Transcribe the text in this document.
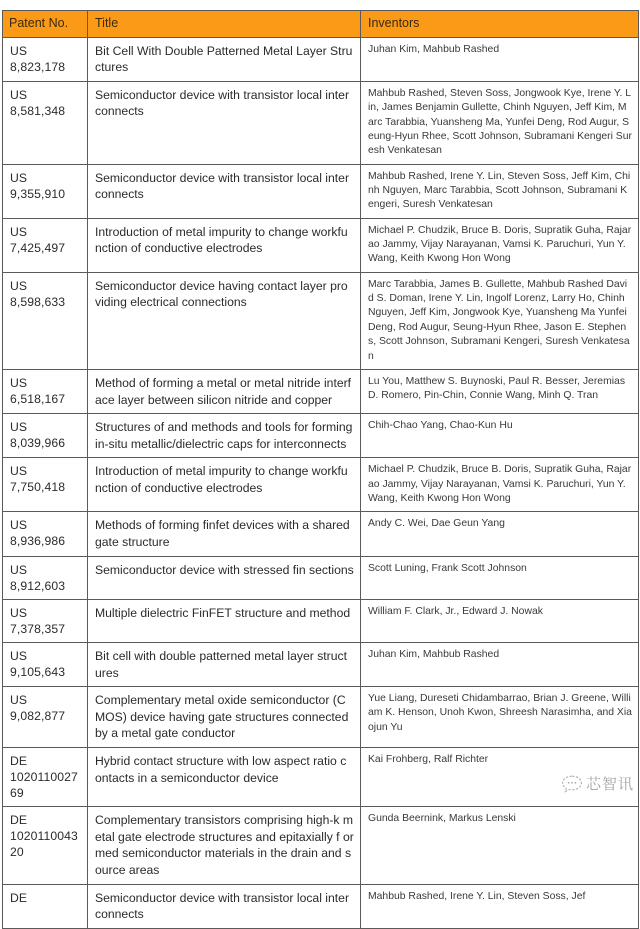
Patent No.	Title	Inventors
US 8,823,178	Bit Cell With Double Patterned Metal Layer Stru ctures	Juhan Kim, Mahbub Rashed
US 8,581,348	Semiconductor device with transistor local inter connects	Mahbub Rashed, Steven Soss, Jongwook Kye, Irene Y. Lin, James Benjamin Gullette, Chinh Nguyen, Jeff Kim, Marc Tarabbia, Yuansheng Ma, Yunfei Deng, Rod Augur, Seung-Hyun Rhee, Scott Johnson, Subramani Kengeri Suresh Venkatesan
US 9,355,910	Semiconductor device with transistor local inter connects	Mahbub Rashed, Irene Y. Lin, Steven Soss, Jeff Kim, Chinh Nguyen, Marc Tarabbia, Scott Johnson, Subramani Kengeri, Suresh Venkatesan
US 7,425,497	Introduction of metal impurity to change workfu nction of conductive electrodes	Michael P. Chudzik, Bruce B. Doris, Supratik Guha, Rajarao Jammy, Vijay Narayanan, Vamsi K. Paruchuri, Yun Y. Wang, Keith Kwong Hon Wong
US 8,598,633	Semiconductor device having contact layer pro viding electrical connections	Marc Tarabbia, James B. Gullette, Mahbub Rashed David S. Doman, Irene Y. Lin, Ingolf Lorenz, Larry Ho, Chinh Nguyen, Jeff Kim, Jongwook Kye, Yuansheng Ma Yunfei Deng, Rod Augur, Seung-Hyun Rhee, Jason E. Stephens, Scott Johnson, Subramani Kengeri, Suresh Venkatesan
US 6,518,167	Method of forming a metal or metal nitride interf ace layer between silicon nitride and copper	Lu You, Matthew S. Buynoski, Paul R. Besser, Jeremias D. Romero, Pin-Chin, Connie Wang, Minh Q. Tran
US 8,039,966	Structures of and methods and tools for forming in-situ metallic/dielectric caps for interconnects	Chih-Chao Yang, Chao-Kun Hu
US 7,750,418	Introduction of metal impurity to change workfu nction of conductive electrodes	Michael P. Chudzik, Bruce B. Doris, Supratik Guha, Rajarao Jammy, Vijay Narayanan, Vamsi K. Paruchuri, Yun Y. Wang, Keith Kwong Hon Wong
US 8,936,986	Methods of forming finfet devices with a shared gate structure	Andy C. Wei, Dae Geun Yang
US 8,912,603	Semiconductor device with stressed fin sections	Scott Luning, Frank Scott Johnson
US 7,378,357	Multiple dielectric FinFET structure and method	William F. Clark, Jr., Edward J. Nowak
US 9,105,643	Bit cell with double patterned metal layer struct ures	Juhan Kim, Mahbub Rashed
US 9,082,877	Complementary metal oxide semiconductor (C MOS) device having gate structures connected by a metal gate conductor	Yue Liang, Dureseti Chidambarrao, Brian J. Greene, William K. Henson, Unoh Kwon, Shreesh Narasimha, and Xiaojun Yu
DE 102011002769	Hybrid contact structure with low aspect ratio c ontacts in a semiconductor device	Kai Frohberg, Ralf Richter
DE 102011004320	Complementary transistors comprising high-k metal gate electrode structures and epitaxially f ormed semiconductor materials in the drain and source areas	Gunda Beernink, Markus Lenski
DE	Semiconductor device with transistor local inter connects	Mahbub Rashed, Irene Y. Lin, Steven Soss, Jef
芯智讯
